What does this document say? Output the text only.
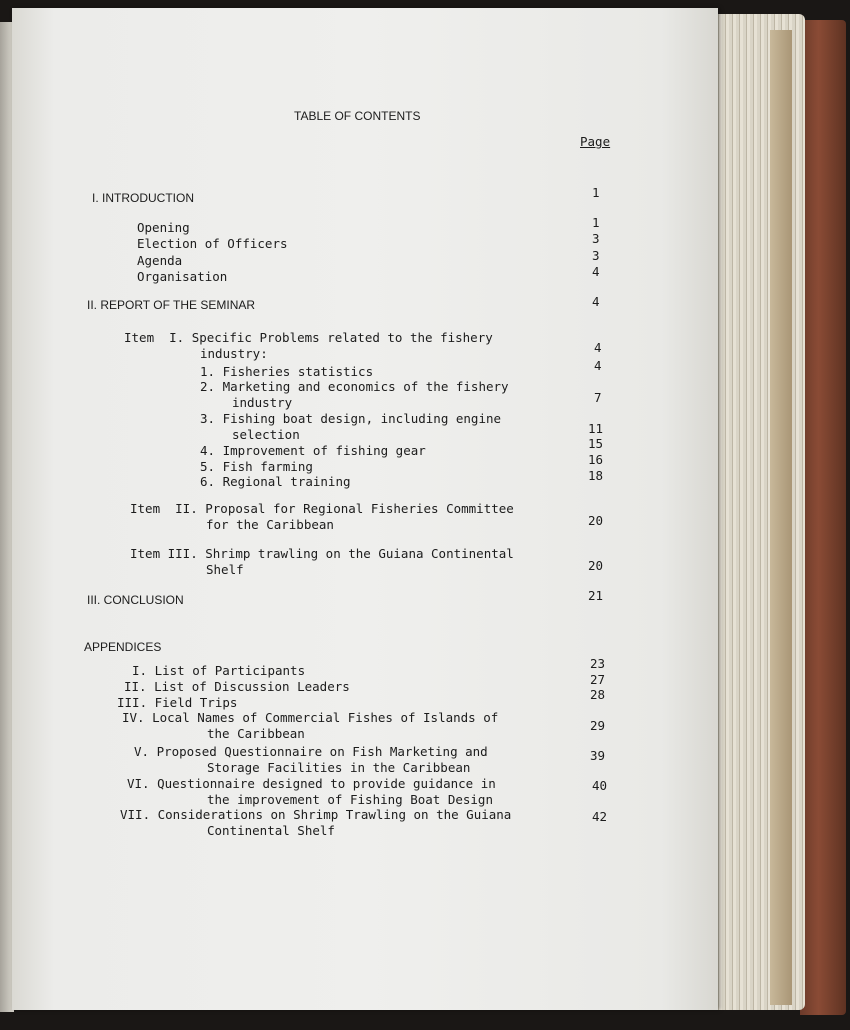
TABLE OF CONTENTS
Page
I. INTRODUCTION
Opening
Election of Officers
Agenda
Organisation
II. REPORT OF THE SEMINAR
Item  I. Specific Problems related to the fishery
industry:
1. Fisheries statistics
2. Marketing and economics of the fishery
industry
3. Fishing boat design, including engine
selection
4. Improvement of fishing gear
5. Fish farming
6. Regional training
Item  II. Proposal for Regional Fisheries Committee
for the Caribbean
Item III. Shrimp trawling on the Guiana Continental
Shelf
III. CONCLUSION
APPENDICES
I. List of Participants
II. List of Discussion Leaders
III. Field Trips
IV. Local Names of Commercial Fishes of Islands of
the Caribbean
V. Proposed Questionnaire on Fish Marketing and
Storage Facilities in the Caribbean
VI. Questionnaire designed to provide guidance in
the improvement of Fishing Boat Design
VII. Considerations on Shrimp Trawling on the Guiana
Continental Shelf
1
1
3
3
4
4
4
4
7
11
15
16
18
20
20
21
23
27
28
29
39
40
42
